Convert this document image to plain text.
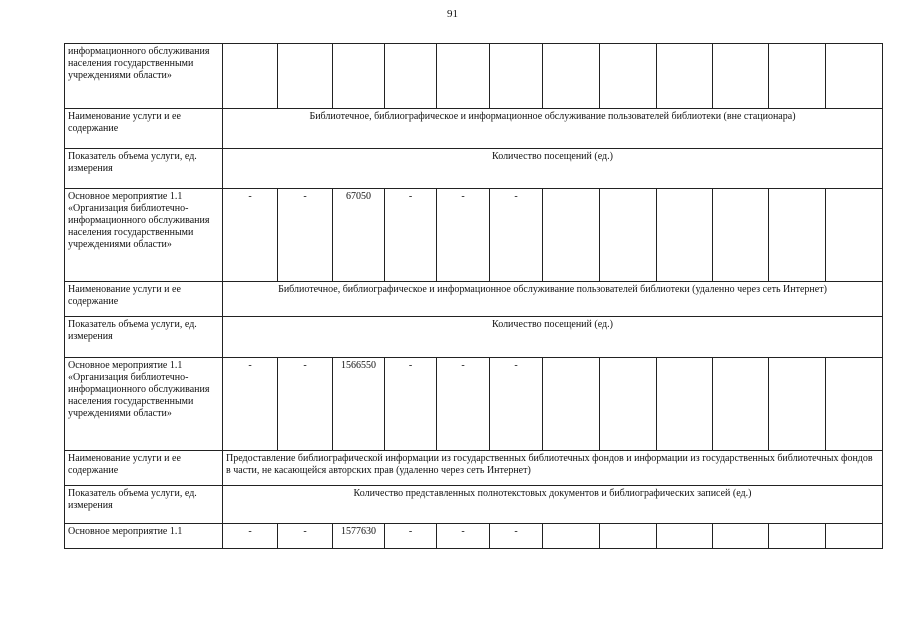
91
информационного обслуживания населения государственными учреждениями области»												
Наименование услуги и ее содержание	Библиотечное, библиографическое и информационное обслуживание пользователей библиотеки (вне стационара)											
Показатель объема услуги, ед. измерения	Количество посещений (ед.)											
Основное мероприятие 1.1 «Организация библиотечно-информационного обслуживания населения государственными учреждениями области»	-	-	67050	-	-	-						
Наименование услуги и ее содержание	Библиотечное, библиографическое и информационное обслуживание пользователей библиотеки (удаленно через сеть Интернет)											
Показатель объема услуги, ед. измерения	Количество посещений (ед.)											
Основное мероприятие 1.1 «Организация библиотечно-информационного обслуживания населения государственными учреждениями области»	-	-	1566550	-	-	-						
Наименование услуги и ее содержание	Предоставление библиографической информации из государственных библиотечных фондов и информации из государственных библиотечных фондов в части, не касающейся авторских прав (удаленно через сеть Интернет)											
Показатель объема услуги, ед. измерения	Количество представленных полнотекстовых документов и библиографических записей (ед.)											
Основное мероприятие 1.1	-	-	1577630	-	-	-						
